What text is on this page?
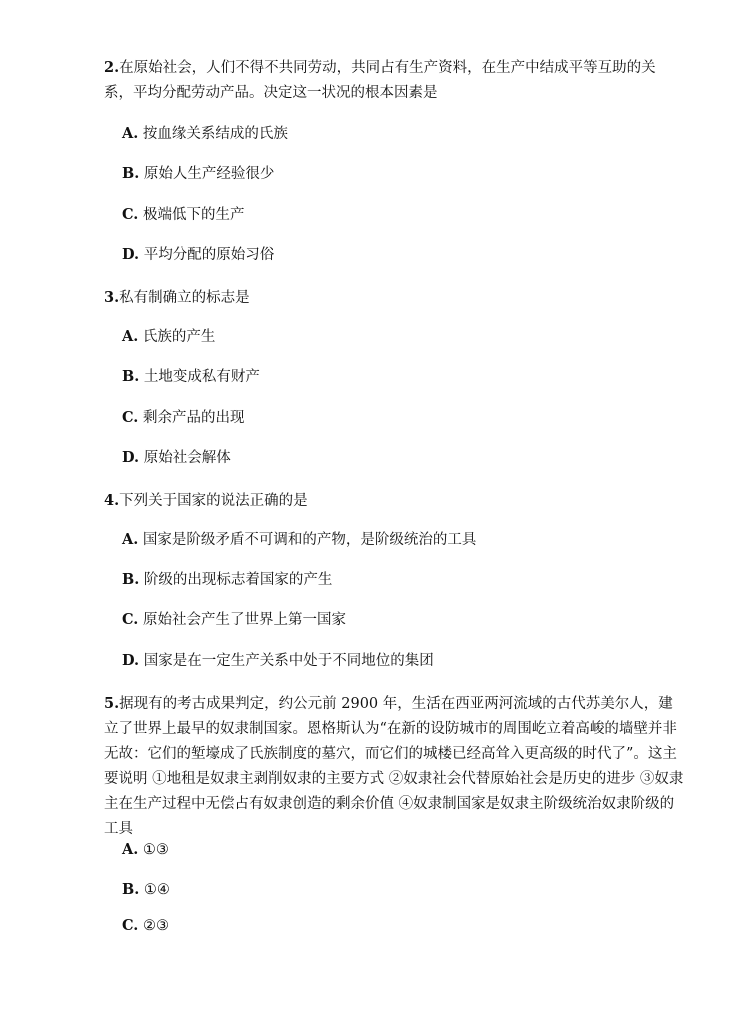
2.在原始社会，人们不得不共同劳动，共同占有生产资料，在生产中结成平等互助的关系，平均分配劳动产品。决定这一状况的根本因素是

A. 按血缘关系结成的氏族
B. 原始人生产经验很少
C. 极端低下的生产
D. 平均分配的原始习俗

3.私有制确立的标志是

A. 氏族的产生
B. 土地变成私有财产
C. 剩余产品的出现
D. 原始社会解体

4.下列关于国家的说法正确的是

A. 国家是阶级矛盾不可调和的产物，是阶级统治的工具
B. 阶级的出现标志着国家的产生
C. 原始社会产生了世界上第一国家
D. 国家是在一定生产关系中处于不同地位的集团

5.据现有的考古成果判定，约公元前 2900 年，生活在西亚两河流域的古代苏美尔人，建立了世界上最早的奴隶制国家。恩格斯认为“在新的设防城市的周围屹立着高峻的墙壁并非无故：它们的堑壕成了氏族制度的墓穴，而它们的城楼已经高耸入更高级的时代了”。这主要说明 ①地租是奴隶主剥削奴隶的主要方式 ②奴隶社会代替原始社会是历史的进步 ③奴隶主在生产过程中无偿占有奴隶创造的剩余价值 ④奴隶制国家是奴隶主阶级统治奴隶阶级的工具

A. ①③
B. ①④
C. ②③
